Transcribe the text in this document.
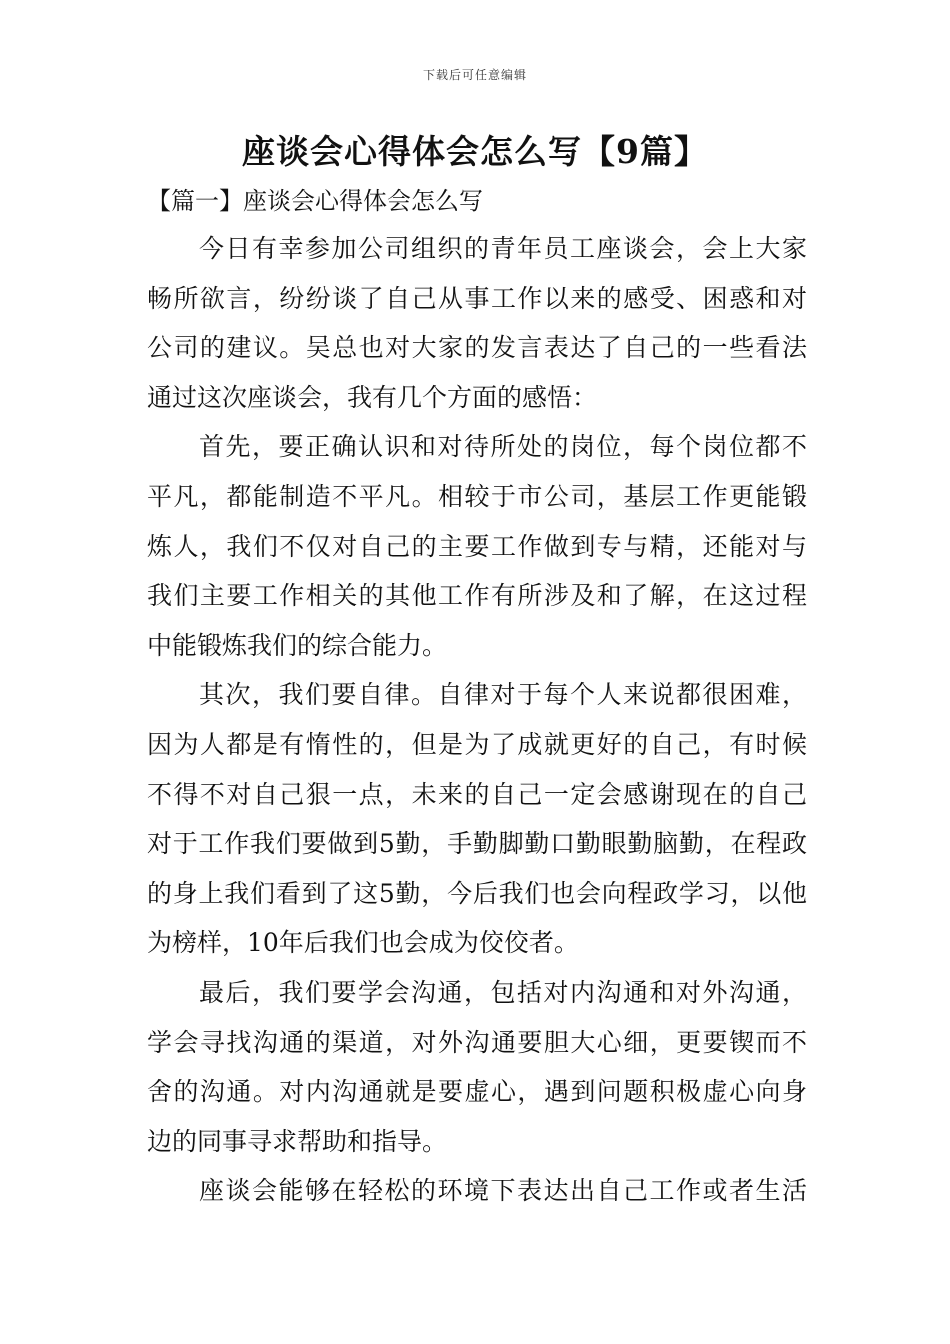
下载后可任意编辑
座谈会心得体会怎么写【9篇】
【篇一】座谈会心得体会怎么写
今日有幸参加公司组织的青年员工座谈会，会上大家
畅所欲言，纷纷谈了自己从事工作以来的感受、困惑和对
公司的建议。吴总也对大家的发言表达了自己的一些看法
通过这次座谈会，我有几个方面的感悟：
首先，要正确认识和对待所处的岗位，每个岗位都不
平凡，都能制造不平凡。相较于市公司，基层工作更能锻
炼人，我们不仅对自己的主要工作做到专与精，还能对与
我们主要工作相关的其他工作有所涉及和了解，在这过程
中能锻炼我们的综合能力。
其次，我们要自律。自律对于每个人来说都很困难，
因为人都是有惰性的，但是为了成就更好的自己，有时候
不得不对自己狠一点，未来的自己一定会感谢现在的自己
对于工作我们要做到5勤，手勤脚勤口勤眼勤脑勤，在程政
的身上我们看到了这5勤，今后我们也会向程政学习，以他
为榜样，10年后我们也会成为佼佼者。
最后，我们要学会沟通，包括对内沟通和对外沟通，
学会寻找沟通的渠道，对外沟通要胆大心细，更要锲而不
舍的沟通。对内沟通就是要虚心，遇到问题积极虚心向身
边的同事寻求帮助和指导。
座谈会能够在轻松的环境下表达出自己工作或者生活
